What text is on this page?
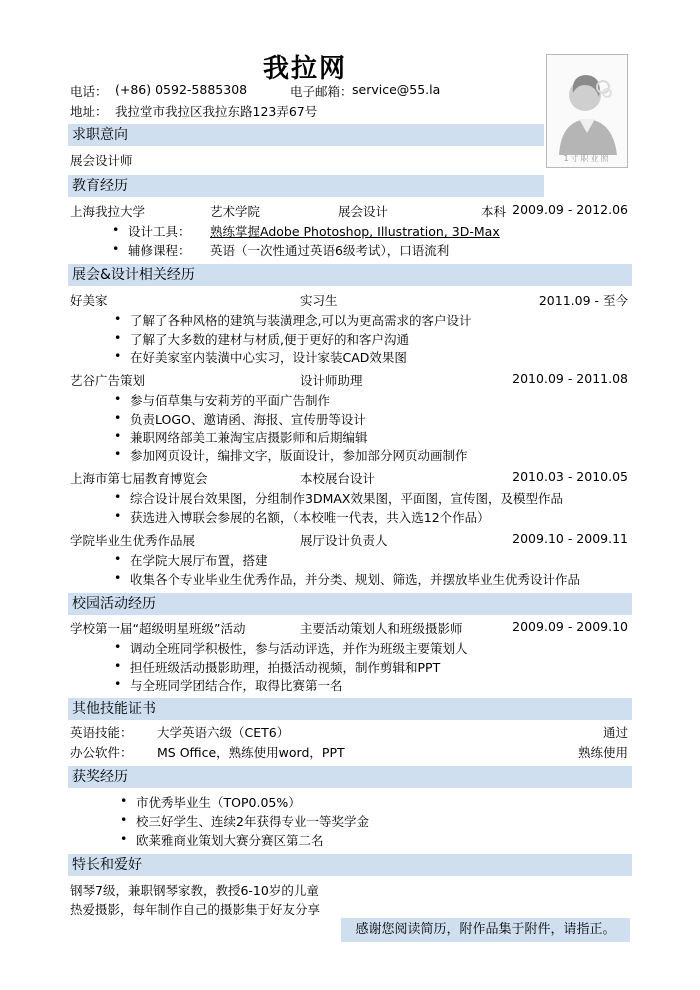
我拉网
电话： (+86) 0592-5885308	电子邮箱： service@55.la
地址： 我拉堂市我拉区我拉东路123弄67号
1寸职业照
求职意向
展会设计师
教育经历
上海我拉大学	艺术学院	展会设计	本科 2009.09 - 2012.06
• 设计工具： 熟练掌握Adobe Photoshop, Illustration, 3D-Max
• 辅修课程： 英语（一次性通过英语6级考试），口语流利
展会&设计相关经历
好美家	实习生	2011.09 - 至今
• 了解了各种风格的建筑与装潢理念,可以为更高需求的客户设计
• 了解了大多数的建材与材质,便于更好的和客户沟通
• 在好美家室内装潢中心实习，设计家装CAD效果图
艺谷广告策划	设计师助理	2010.09 - 2011.08
• 参与佰草集与安莉芳的平面广告制作
• 负责LOGO、邀请函、海报、宣传册等设计
• 兼职网络部美工兼淘宝店摄影师和后期编辑
• 参加网页设计，编排文字，版面设计，参加部分网页动画制作
上海市第七届教育博览会	本校展台设计	2010.03 - 2010.05
• 综合设计展台效果图，分组制作3DMAX效果图，平面图，宣传图，及模型作品
• 获选进入博联会参展的名额，（本校唯一代表，共入选12个作品）
学院毕业生优秀作品展	展厅设计负责人	2009.10 - 2009.11
• 在学院大展厅布置，搭建
• 收集各个专业毕业生优秀作品，并分类、规划、筛选，并摆放毕业生优秀设计作品
校园活动经历
学校第一届“超级明星班级”活动	主要活动策划人和班级摄影师	2009.09 - 2009.10
• 调动全班同学积极性，参与活动评选，并作为班级主要策划人
• 担任班级活动摄影助理，拍摄活动视频，制作剪辑和PPT
• 与全班同学团结合作，取得比赛第一名
其他技能证书
英语技能： 大学英语六级（CET6）	通过
办公软件： MS Office，熟练使用word，PPT	熟练使用
获奖经历
• 市优秀毕业生（TOP0.05%）
• 校三好学生、连续2年获得专业一等奖学金
• 欧莱雅商业策划大赛分赛区第二名
特长和爱好
钢琴7级，兼职钢琴家教，教授6-10岁的儿童
热爱摄影，每年制作自己的摄影集于好友分享
感谢您阅读简历，附作品集于附件，请指正。
